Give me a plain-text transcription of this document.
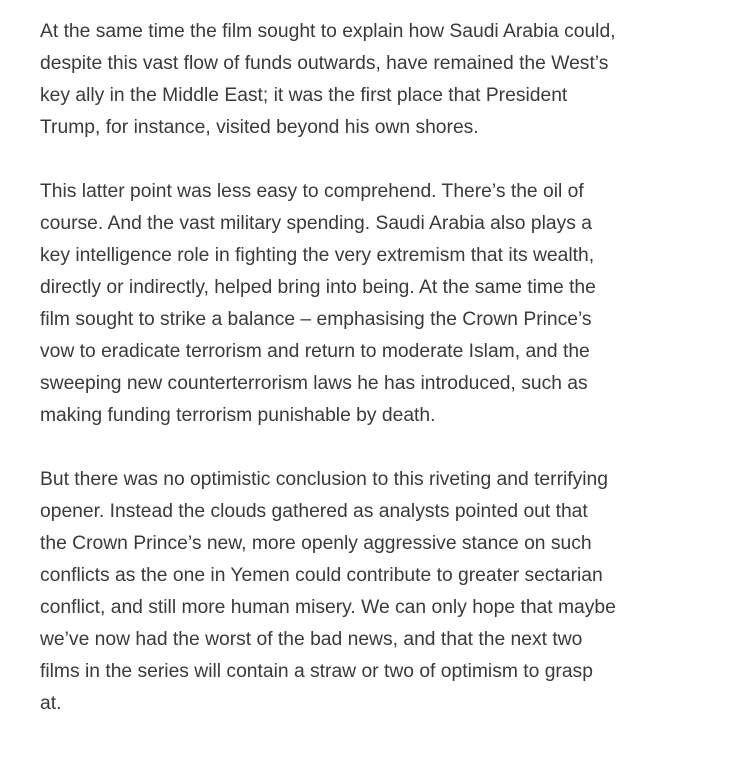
At the same time the film sought to explain how Saudi Arabia could,
despite this vast flow of funds outwards, have remained the West’s
key ally in the Middle East; it was the first place that President
Trump, for instance, visited beyond his own shores.

This latter point was less easy to comprehend. There’s the oil of
course. And the vast military spending. Saudi Arabia also plays a
key intelligence role in fighting the very extremism that its wealth,
directly or indirectly, helped bring into being. At the same time the
film sought to strike a balance – emphasising the Crown Prince’s
vow to eradicate terrorism and return to moderate Islam, and the
sweeping new counterterrorism laws he has introduced, such as
making funding terrorism punishable by death.

But there was no optimistic conclusion to this riveting and terrifying
opener. Instead the clouds gathered as analysts pointed out that
the Crown Prince’s new, more openly aggressive stance on such
conflicts as the one in Yemen could contribute to greater sectarian
conflict, and still more human misery. We can only hope that maybe
we’ve now had the worst of the bad news, and that the next two
films in the series will contain a straw or two of optimism to grasp
at.
